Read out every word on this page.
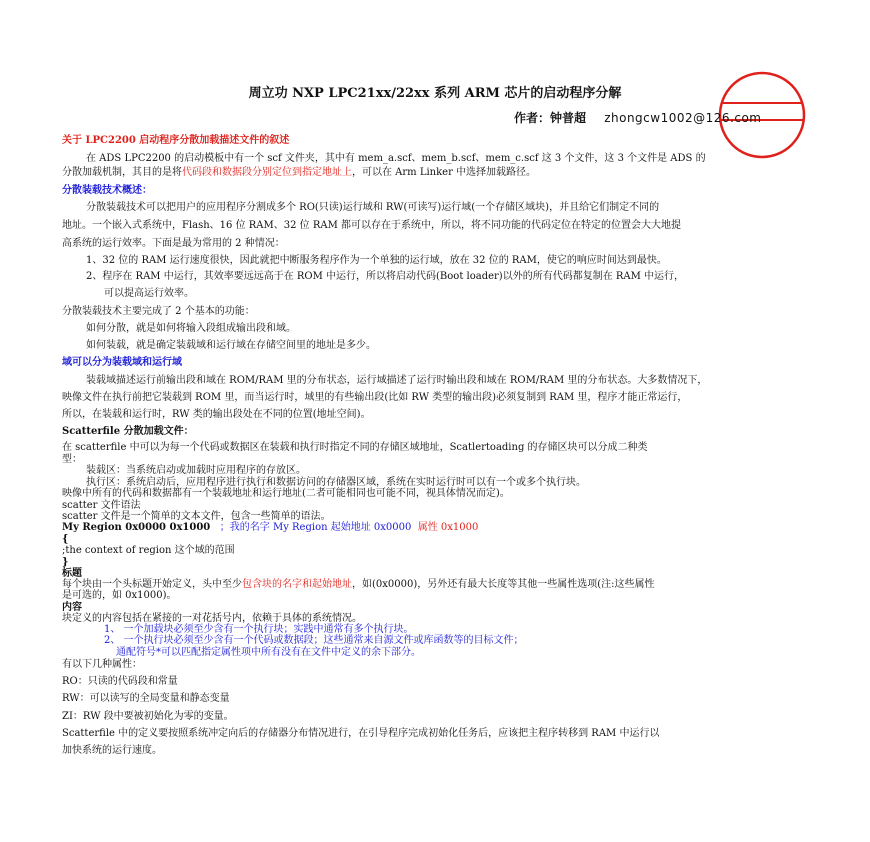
周立功 NXP LPC21xx/22xx 系列 ARM 芯片的启动程序分解
作者：钟普超 zhongcw1002@126.com
关于 LPC2200 启动程序分散加载描述文件的叙述
在 ADS LPC2200 的启动模板中有一个 scf 文件夹，其中有 mem_a.scf、mem_b.scf、mem_c.scf 这 3 个文件，这 3 个文件是 ADS 的
分散加载机制，其目的是将代码段和数据段分别定位到指定地址上，可以在 Arm Linker 中选择加载路径。
分散装载技术概述：
分散装载技术可以把用户的应用程序分割成多个 RO(只读)运行域和 RW(可读写)运行域(一个存储区域块)，并且给它们制定不同的
地址。一个嵌入式系统中，Flash、16 位 RAM、32 位 RAM 都可以存在于系统中，所以，将不同功能的代码定位在特定的位置会大大地提
高系统的运行效率。下面是最为常用的 2 种情况：
1、32 位的 RAM 运行速度很快，因此就把中断服务程序作为一个单独的运行域，放在 32 位的 RAM，使它的响应时间达到最快。
2、程序在 RAM 中运行，其效率要远远高于在 ROM 中运行，所以将启动代码(Boot loader)以外的所有代码都复制在 RAM 中运行，
可以提高运行效率。
分散装载技术主要完成了 2 个基本的功能：
如何分散，就是如何将输入段组成输出段和域。
如何装载，就是确定装载域和运行域在存储空间里的地址是多少。
域可以分为装载域和运行域
装载域描述运行前输出段和域在 ROM/RAM 里的分布状态，运行域描述了运行时输出段和域在 ROM/RAM 里的分布状态。大多数情况下，
映像文件在执行前把它装载到 ROM 里，而当运行时，域里的有些输出段(比如 RW 类型的输出段)必须复制到 RAM 里，程序才能正常运行，
所以，在装载和运行时，RW 类的输出段处在不同的位置(地址空间)。
Scatterfile 分散加载文件：
在 scatterfile 中可以为每一个代码或数据区在装载和执行时指定不同的存储区域地址，Scatlertoading 的存储区块可以分成二种类
型：
装载区：当系统启动或加载时应用程序的存放区。
执行区：系统启动后，应用程序进行执行和数据访问的存储器区域，系统在实时运行时可以有一个或多个执行块。
映像中所有的代码和数据都有一个装载地址和运行地址(二者可能相同也可能不同，视具体情况而定)。
scatter 文件语法
scatter 文件是一个简单的文本文件，包含一些简单的语法。
My Region 0x0000 0x1000 ；我的名字 My Region 起始地址 0x0000 属性 0x1000
{
;the context of region 这个域的范围
}
标题
每个块由一个头标题开始定义，头中至少包含块的名字和起始地址，如(0x0000)，另外还有最大长度等其他一些属性选项(注:这些属性
是可选的，如 0x1000)。
内容
块定义的内容包括在紧接的一对花括号内，依赖于具体的系统情况。
1、 一个加载块必须至少含有一个执行块；实践中通常有多个执行块。
2、 一个执行块必须至少含有一个代码或数据段；这些通常来自源文件或库函数等的目标文件；
通配符号*可以匹配指定属性项中所有没有在文件中定义的余下部分。
有以下几种属性：
RO：只读的代码段和常量
RW：可以读写的全局变量和静态变量
ZI：RW 段中要被初始化为零的变量。
Scatterfile 中的定义要按照系统冲定向后的存储器分布情况进行，在引导程序完成初始化任务后，应该把主程序转移到 RAM 中运行以
加快系统的运行速度。
